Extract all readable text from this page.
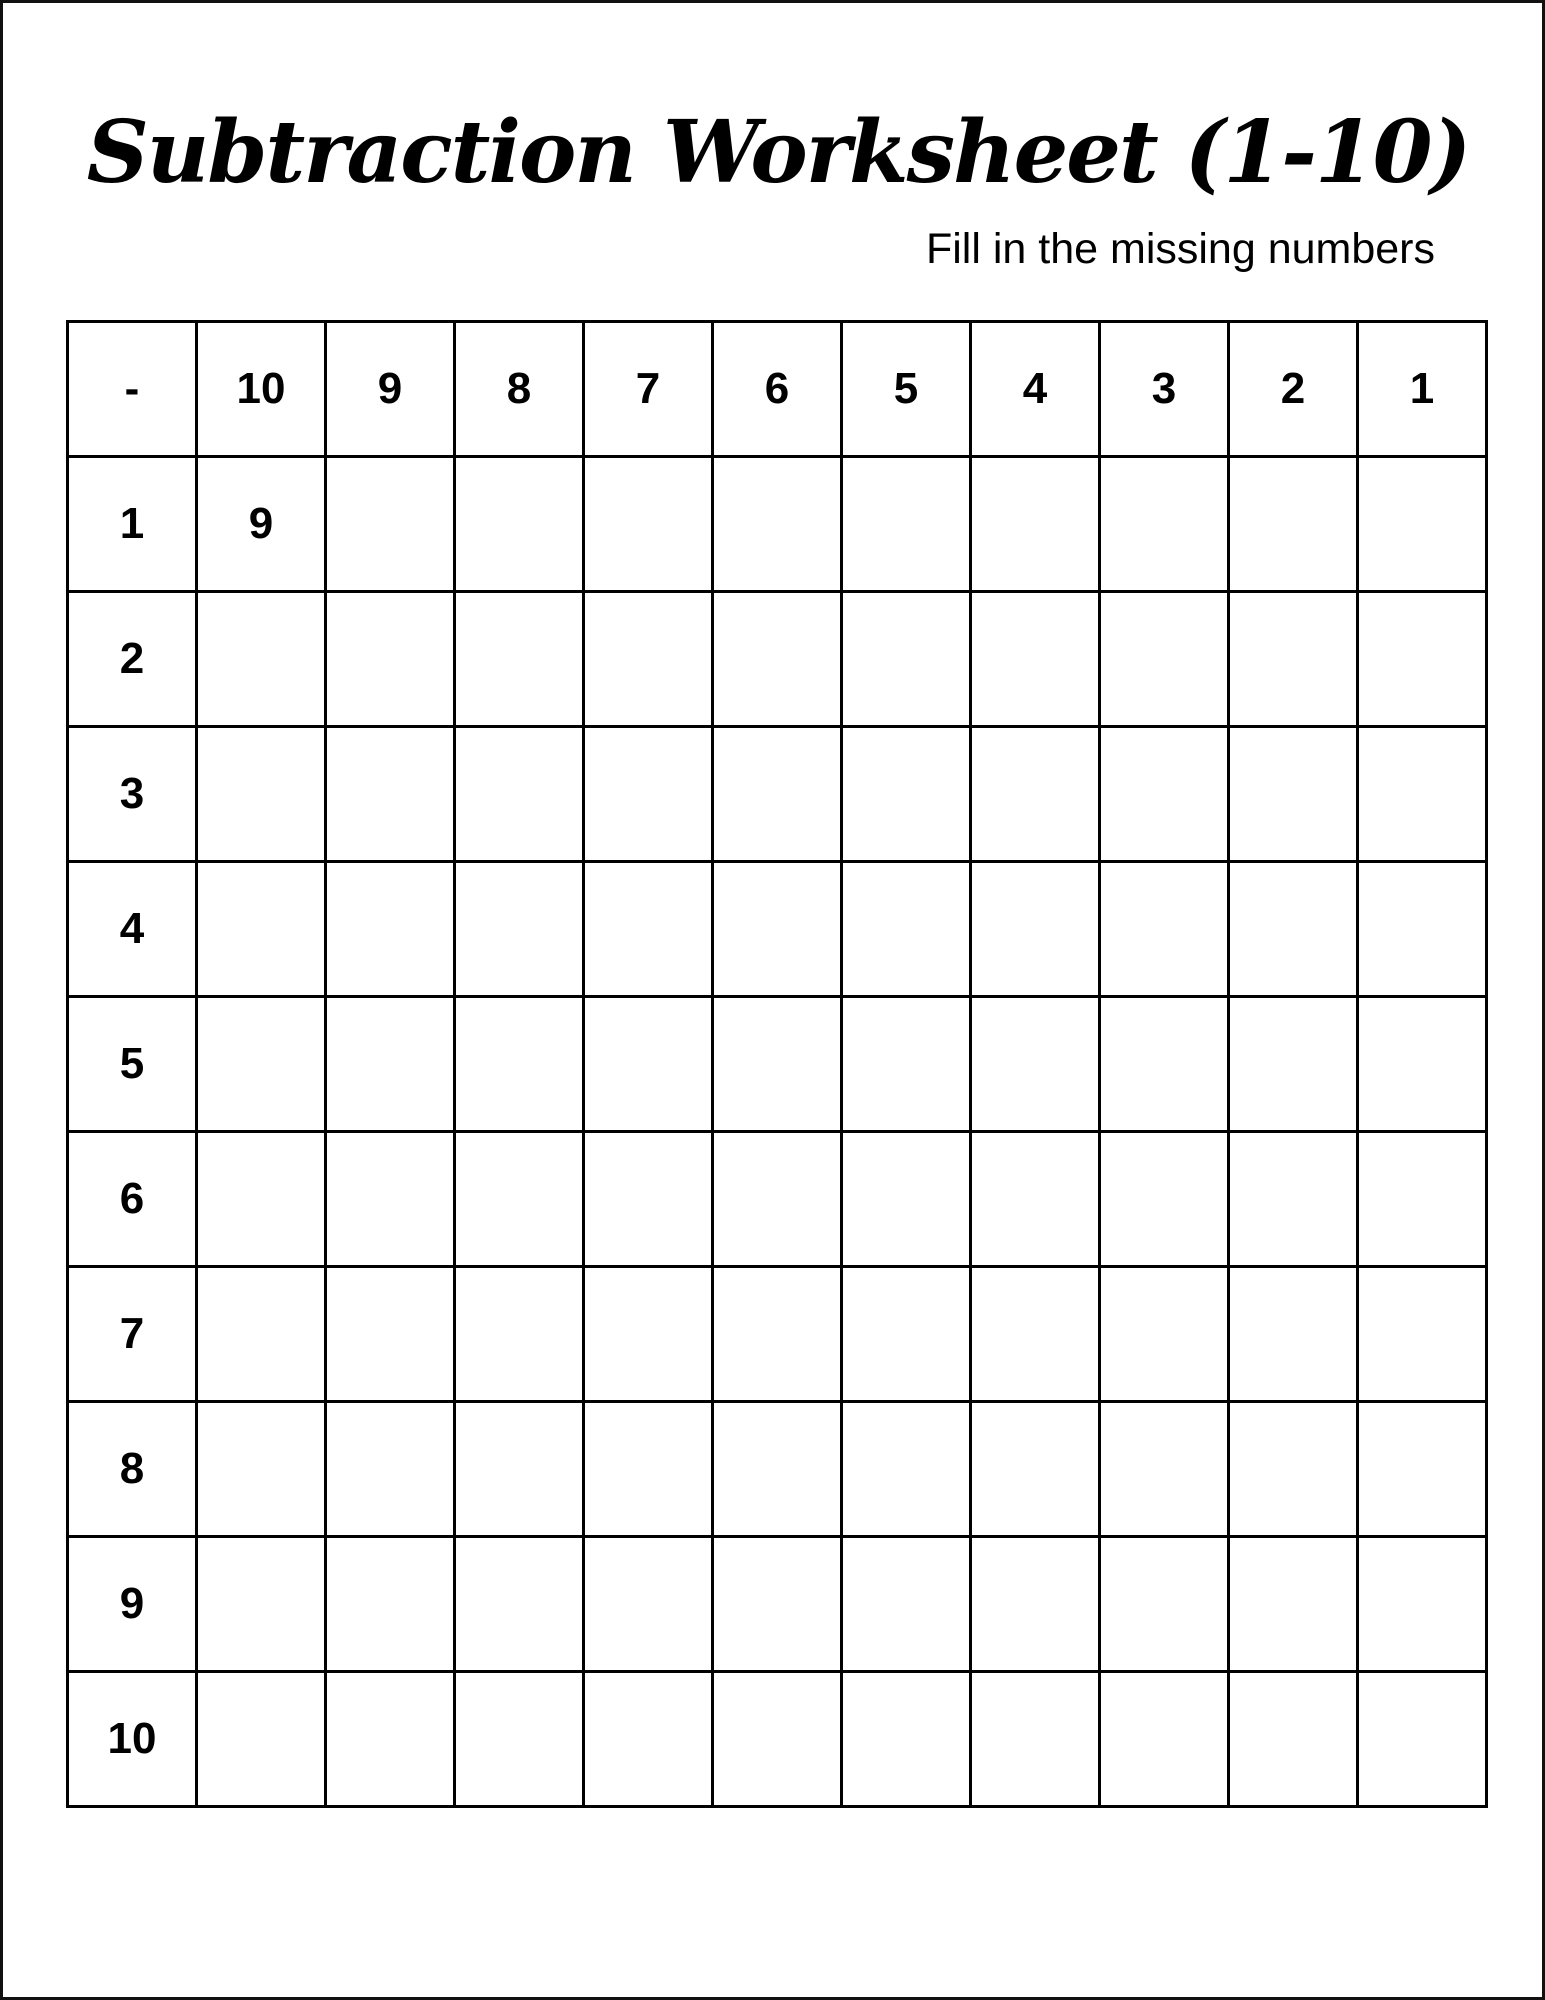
Subtraction Worksheet (1-10)
Fill in the missing numbers
-	10	9	8	7	6	5	4	3	2	1
1	9									
2										
3										
4										
5										
6										
7										
8										
9										
10										
